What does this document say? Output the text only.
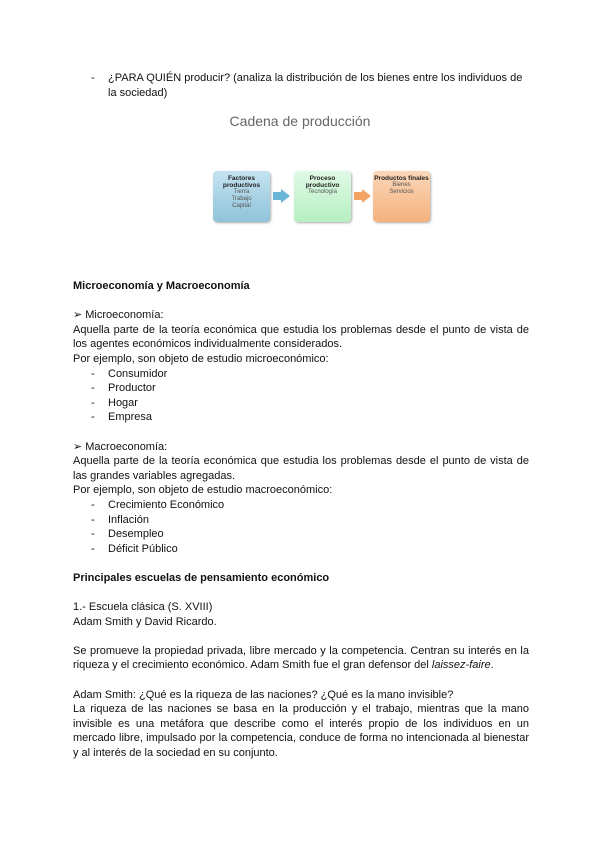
- ¿PARA QUIÉN producir? (analiza la distribución de los bienes entre los individuos de la sociedad)
Cadena de producción
Factores productivos
Tierra
Trabajo
Capital
Proceso productivo
Tecnología
Productos finales
Bienes
Servicios

Microeconomía y Macroeconomía

➢ Microeconomía:

Aquella parte de la teoría económica que estudia los problemas desde el punto de vista de los agentes económicos individualmente considerados.

Por ejemplo, son objeto de estudio microeconómico:

- Consumidor
- Productor
- Hogar
- Empresa

➢ Macroeconomía:

Aquella parte de la teoría económica que estudia los problemas desde el punto de vista de las grandes variables agregadas.

Por ejemplo, son objeto de estudio macroeconómico:

- Crecimiento Económico
- Inflación
- Desempleo
- Déficit Público

Principales escuelas de pensamiento económico

1.- Escuela clásica (S. XVIII)

Adam Smith y David Ricardo.

Se promueve la propiedad privada, libre mercado y la competencia. Centran su interés en la riqueza y el crecimiento económico. Adam Smith fue el gran defensor del laissez-faire.

Adam Smith: ¿Qué es la riqueza de las naciones? ¿Qué es la mano invisible?

La riqueza de las naciones se basa en la producción y el trabajo, mientras que la mano invisible es una metáfora que describe como el interés propio de los individuos en un mercado libre, impulsado por la competencia, conduce de forma no intencionada al bienestar y al interés de la sociedad en su conjunto.
